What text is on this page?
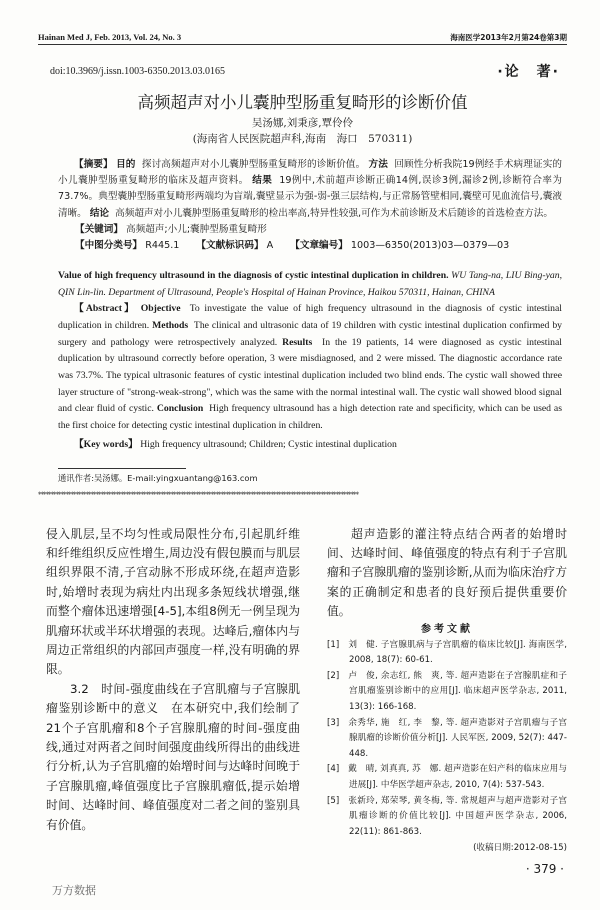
Hainan Med J, Feb. 2013, Vol. 24, No. 3	海南医学2013年2月第24卷第3期
doi:10.3969/j.issn.1003-6350.2013.03.0165	·论　著·
高频超声对小儿囊肿型肠重复畸形的诊断价值
吴汤娜,刘秉彦,覃伶伶
(海南省人民医院超声科,海南　海口　570311)
【摘要】 目的 探讨高频超声对小儿囊肿型肠重复畸形的诊断价值。 方法 回顾性分析我院19例经手术病理证实的小儿囊肿型肠重复畸形的临床及超声资料。 结果 19例中,术前超声诊断正确14例,误诊3例,漏诊2例,诊断符合率为73.7%。典型囊肿型肠重复畸形两端均为盲端,囊壁显示为强-弱-强三层结构,与正常肠管壁相同,囊壁可见血流信号,囊液清晰。 结论 高频超声对小儿囊肿型肠重复畸形的检出率高,特异性较强,可作为术前诊断及术后随诊的首选检查方法。
【关键词】 高频超声;小儿;囊肿型肠重复畸形
【中图分类号】 R445.1 【文献标识码】 A 【文章编号】 1003—6350(2013)03—0379—03
Value of high frequency ultrasound in the diagnosis of cystic intestinal duplication in children. WU Tang-na, LIU Bing-yan, QIN Lin-lin. Department of Ultrasound, People's Hospital of Hainan Province, Haikou 570311, Hainan, CHINA
【Abstract】 Objective To investigate the value of high frequency ultrasound in the diagnosis of cystic intestinal duplication in children. Methods The clinical and ultrasonic data of 19 children with cystic intestinal duplication confirmed by surgery and pathology were retrospectively analyzed. Results In the 19 patients, 14 were diagnosed as cystic intestinal duplication by ultrasound correctly before operation, 3 were misdiagnosed, and 2 were missed. The diagnostic accordance rate was 73.7%. The typical ultrasonic features of cystic intestinal duplication included two blind ends. The cystic wall showed three layer structure of "strong-weak-strong", which was the same with the normal intestinal wall. The cystic wall showed blood signal and clear fluid of cystic. Conclusion High frequency ultrasound has a high detection rate and specificity, which can be used as the first choice for detecting cystic intestinal duplication in children.
【Key words】 High frequency ultrasound; Children; Cystic intestinal duplication
通讯作者:吴汤娜。E-mail:yingxuantang@163.com
********************************************************************************************************************************

侵入肌层,呈不均匀性或局限性分布,引起肌纤维和纤维组织反应性增生,周边没有假包膜而与肌层组织界限不清,子宫动脉不形成环绕,在超声造影时,始增时表现为病灶内出现多条短线状增强,继而整个瘤体迅速增强[4-5],本组8例无一例呈现为肌瘤环状或半环状增强的表现。达峰后,瘤体内与周边正常组织的内部回声强度一样,没有明确的界限。

3.2　时间-强度曲线在子宫肌瘤与子宫腺肌瘤鉴别诊断中的意义　 在本研究中,我们绘制了21个子宫肌瘤和8个子宫腺肌瘤的时间-强度曲线,通过对两者之间时间强度曲线所得出的曲线进行分析,认为子宫肌瘤的始增时间与达峰时间晚于子宫腺肌瘤,峰值强度比子宫腺肌瘤低,提示始增时间、达峰时间、峰值强度对二者之间的鉴别具有价值。

超声造影的灌注特点结合两者的始增时间、达峰时间、峰值强度的特点有利于子宫肌瘤和子宫腺肌瘤的鉴别诊断,从而为临床治疗方案的正确制定和患者的良好预后提供重要价值。

参考文献
[1]　刘　健. 子宫腺肌病与子宫肌瘤的临床比较[J]. 海南医学, 2008, 18(7): 60-61.
[2]　卢　俊, 余志红, 熊　爽, 等. 超声造影在子宫腺肌症和子宫肌瘤鉴别诊断中的应用[J]. 临床超声医学杂志, 2011, 13(3): 166-168.
[3]　余秀华, 施　红, 李　黎, 等. 超声造影对子宫肌瘤与子宫腺肌瘤的诊断价值分析[J]. 人民军医, 2009, 52(7): 447-448.
[4]　戴　晴, 刘真真, 苏　娜. 超声造影在妇产科的临床应用与进展[J]. 中华医学超声杂志, 2010, 7(4): 537-543.
[5]　张新玲, 郑荣琴, 黄冬梅, 等. 常规超声与超声造影对子宫肌瘤诊断的价值比较[J]. 中国超声医学杂志, 2006, 22(11): 861-863.
(收稿日期:2012-08-15)
· 379 ·
万方数据
